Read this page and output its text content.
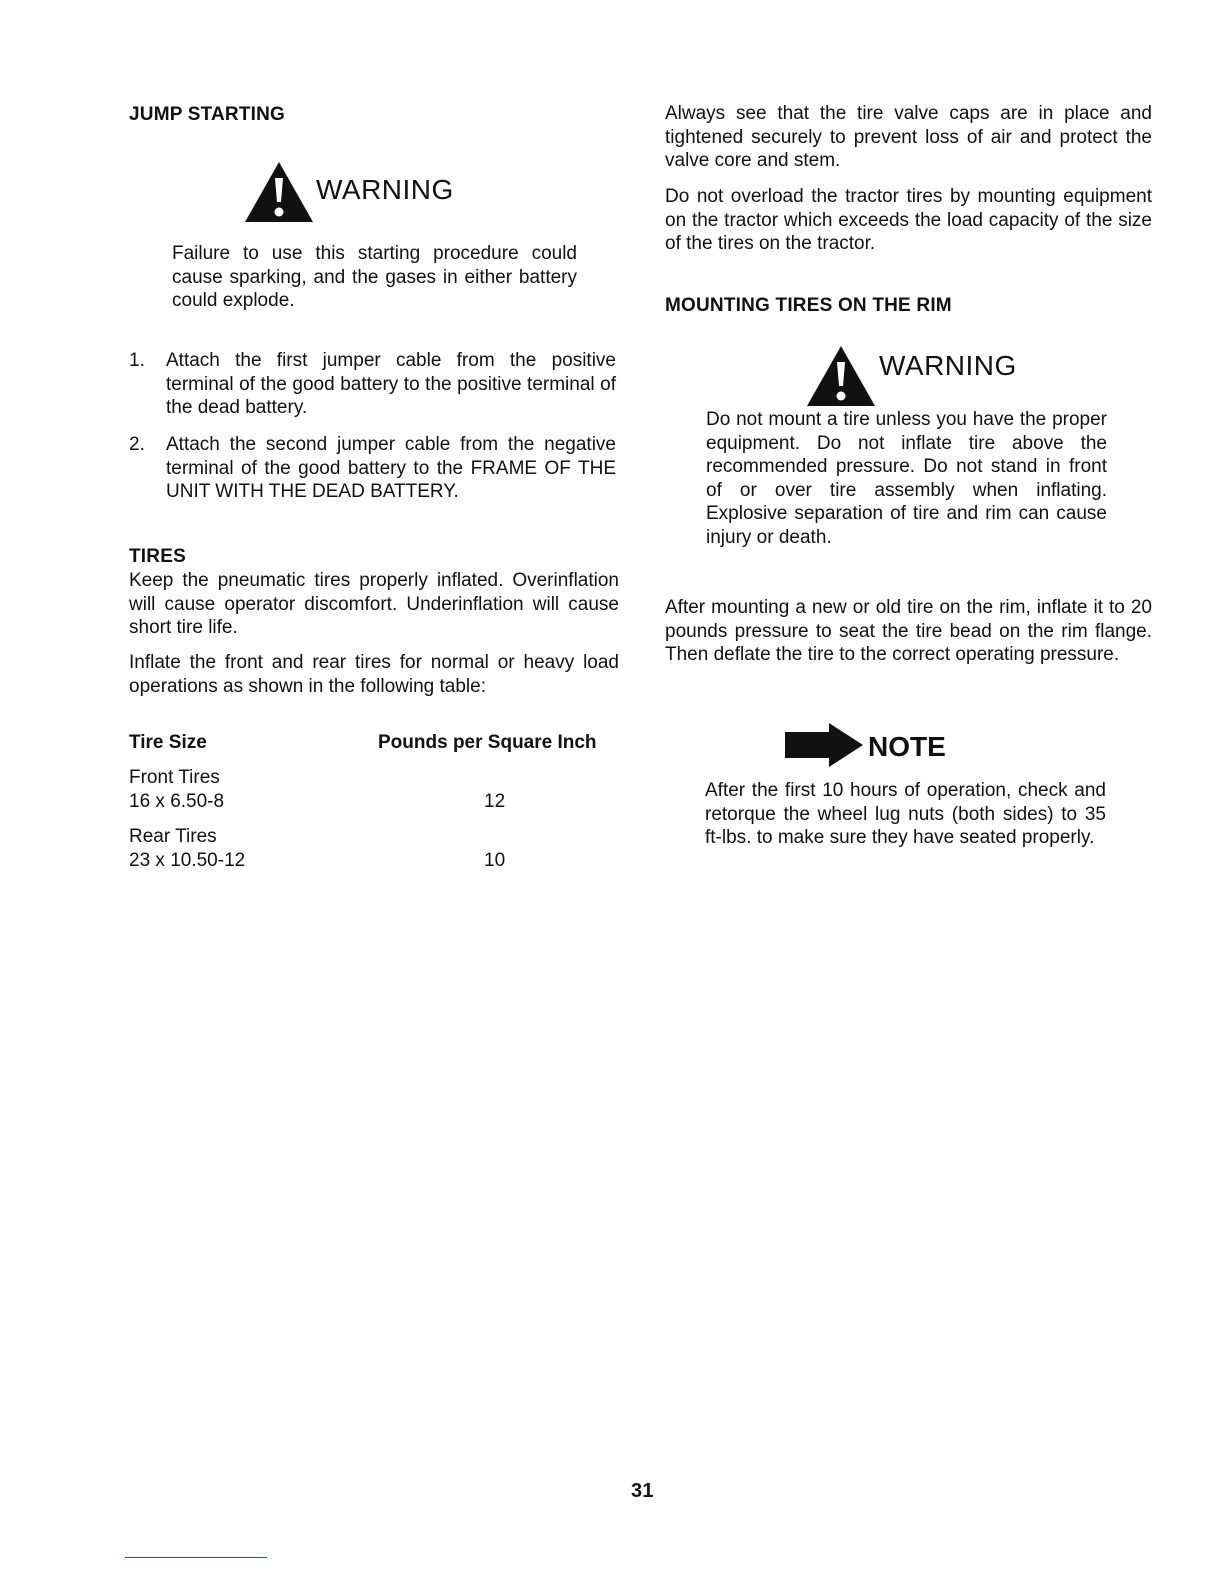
JUMP STARTING
WARNING
Failure to use this starting procedure could cause sparking, and the gases in either battery could explode.
1. Attach the first jumper cable from the positive terminal of the good battery to the positive terminal of the dead battery.
2. Attach the second jumper cable from the negative terminal of the good battery to the FRAME OF THE UNIT WITH THE DEAD BATTERY.
TIRES
Keep the pneumatic tires properly inflated. Overinflation will cause operator discomfort. Underinflation will cause short tire life.
Inflate the front and rear tires for normal or heavy load operations as shown in the following table:
Tire Size	Pounds per Square Inch
Front Tires
16 x 6.50-8	12
Rear Tires
23 x 10.50-12	10
Always see that the tire valve caps are in place and tightened securely to prevent loss of air and protect the valve core and stem.
Do not overload the tractor tires by mounting equipment on the tractor which exceeds the load capacity of the size of the tires on the tractor.
MOUNTING TIRES ON THE RIM
WARNING
Do not mount a tire unless you have the proper equipment. Do not inflate tire above the recommended pressure. Do not stand in front of or over tire assembly when inflating. Explosive separation of tire and rim can cause injury or death.
After mounting a new or old tire on the rim, inflate it to 20 pounds pressure to seat the tire bead on the rim flange. Then deflate the tire to the correct operating pressure.
NOTE
After the first 10 hours of operation, check and retorque the wheel lug nuts (both sides) to 35 ft-lbs. to make sure they have seated properly.
31
